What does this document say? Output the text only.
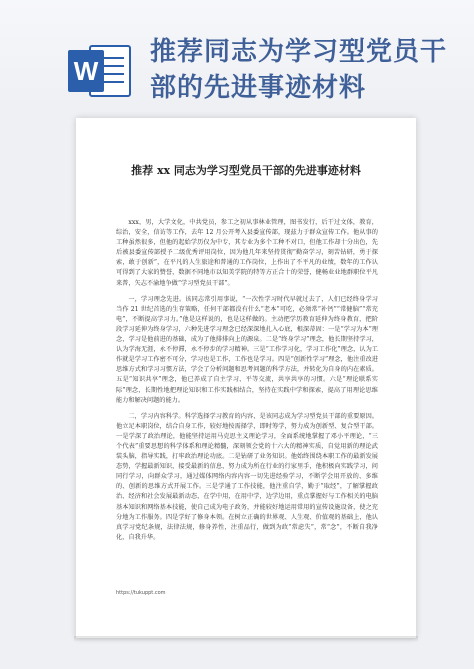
W
推荐同志为学习型党员干部的先进事迹材料
推荐 xx 同志为学习型党员干部的先进事迹材料

xxx，男，大学文化，中共党员，参工之初从事林业管理，图书发行，后干过文体，教育，综治，安全，信访等工作，去年 12 月公开考入县委宣传部，现兹力于群众宣传工作。他从事的工种虽然很多，但他的起始学历仅为中专，其专业为多个工种不对口，但他工作却十分出色，先后被县委宣传部授予二级优秀评用岗位，因为他几年来坚持贯彻“勤奋学习，刻苦钻研，勇于探索，敢于创新”，在平凡的人生旅途和普通的工作岗位，上作出了不平凡的业绩，数年的工作认可得到了大家的赞誉，数据不同地市以知美学院的特等方正合十的荣誉，健畅业业地群职位平凡来普，矢志不渝地争做“学习型党员干部”。

一，学习理念先进。该同志常引用事说，“一次性学习时代早就过去了，人们已经终身学习当作 21 世纪首选的生存策略，任何干部都没有什么“老本”可吃，必须常“补钙”“常健脑”“常充电”，不断提高学习力。”他是这样说的，也是这样做的。主动把学历教育延伸为终身教育，把阶段学习延伸为终身学习，六种先进学习理念已经深深地扎入心底，根深蒂固：一是“学习为本”理念，学习是他前进的基础，成为了他排排向上的源泉。二是“终身学习”理念，他长期坚持学习，认为学海无涯，永不停滞，永不停步的学习精神。三是“工作学习化，学习工作化”理念，认为工作就是学习工作密不可分，学习也是工作，工作也是学习。四是“创新性学习”理念，他注重改进思维方式和学习习惯方法，学会了分析问题和思考问题的科学方法，并转化为自身的内在素质。五是“知识共享”理念，他已养成了自主学习、平等交流，共享共享的习惯。六是“理论联系实际”理念，长期性地把理论知识和工作实践相结合，坚持在实践中学和探索，提高了用理论思维能力和解决问题的能力。

二，学习内容科学。科学选择学习教育的内容，是该同志成为学习型党员干部的重要原因。他立足本职岗位，结合自身工作，较好地按需择学，即时筹学，努力成为创新型、复合型干部。一是学深了政治理论，他能坚持运用马克思主义理论学习，全面系统地掌握了邓小平理论，“三个代表”重要思想的科学体系和理论精髓，深刻领会党的十六大的精神实质，自觉用新的理论武装头脑，指导实践，打牢政治理论功底。二是钻研了业务知识。他始终围绕本职工作的最新发展态势，学握最新知识，接受最新的信息，努力成为所在行业的行家里手，他积极向实践学习，问同行学习，向群众学习，通过媒体网络内容内容一切先进经验学习，不断学会用开放的、多维的、创新的思维方式开展工作。三是学通了工作技能，他注重自学，勤于“取经”，了解掌握政治、经济和社会发展最新动态，在学中用，在用中学，边学边用，重点掌握好与工作相关的电脑基本知识和网络基本技能，使自己成为电子政务，并能较好地运用常用的宣传设施设备，使之充分地为工作服务。四是学好了修身本领。在树立正确的世界观、人生观、价值观的基础上，他认真学习党纪条规，法律法规，修身养性，注重品行，做到为政“常虑失”，常“念”，不断自我净化，自我升华。

https://tukuppt.com
